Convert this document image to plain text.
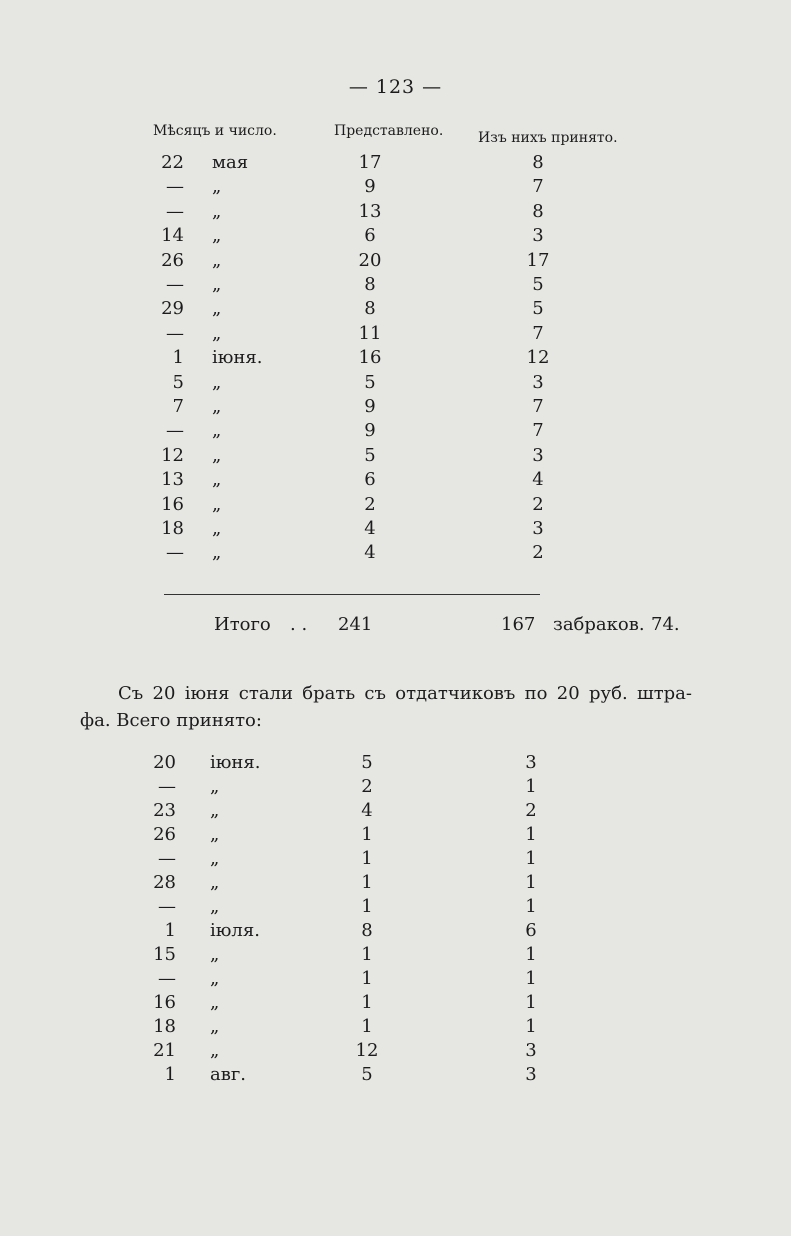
— 123 —
Мѣсяцъ и число.	Представлено. Изъ нихъ принято.
22 мая	17	8
— „	9	7
— „	13	8
14 „	6	3
26 „	20	17
— „	8	5
29 „	8	5
— „	11	7
1 іюня.	16	12
5 „	5	3
7 „	9	7
— „	9	7
12 „	5	3
13 „	6	4
16 „	2	2
18 „	4	3
— „	4	2
Итого . . 241	167 забраков. 74.
Съ 20 іюня стали брать съ отдатчиковъ по 20 руб. штра-
фа. Всего принято:
20 іюня.	5	3
— „	2	1
23 „	4	2
26 „	1	1
— „	1	1
28 „	1	1
— „	1	1
1 іюля.	8	6
15 „	1	1
— „	1	1
16 „	1	1
18 „	1	1
21 „	12	3
1 авг.	5	3
